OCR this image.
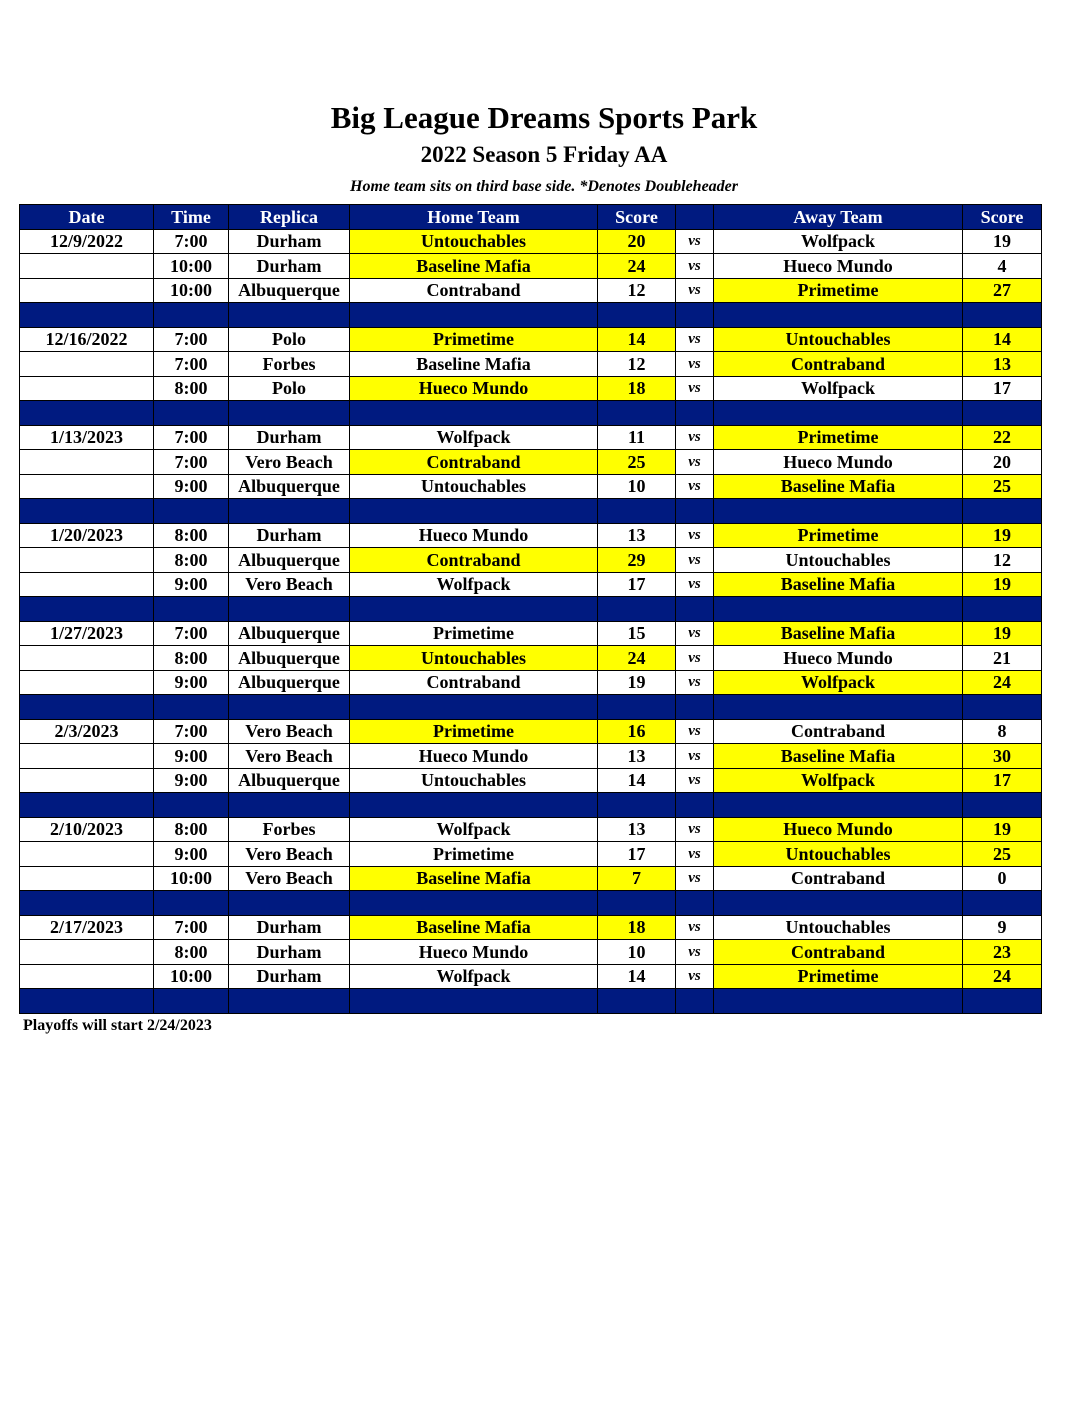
Big League Dreams Sports Park
2022 Season 5 Friday AA
Home team sits on third base side. *Denotes Doubleheader
Date	Time	Replica	Home Team	Score		Away Team	Score
12/9/2022	7:00	Durham	Untouchables	20	vs	Wolfpack	19
	10:00	Durham	Baseline Mafia	24	vs	Hueco Mundo	4
	10:00	Albuquerque	Contraband	12	vs	Primetime	27

12/16/2022	7:00	Polo	Primetime	14	vs	Untouchables	14
	7:00	Forbes	Baseline Mafia	12	vs	Contraband	13
	8:00	Polo	Hueco Mundo	18	vs	Wolfpack	17

1/13/2023	7:00	Durham	Wolfpack	11	vs	Primetime	22
	7:00	Vero Beach	Contraband	25	vs	Hueco Mundo	20
	9:00	Albuquerque	Untouchables	10	vs	Baseline Mafia	25

1/20/2023	8:00	Durham	Hueco Mundo	13	vs	Primetime	19
	8:00	Albuquerque	Contraband	29	vs	Untouchables	12
	9:00	Vero Beach	Wolfpack	17	vs	Baseline Mafia	19

1/27/2023	7:00	Albuquerque	Primetime	15	vs	Baseline Mafia	19
	8:00	Albuquerque	Untouchables	24	vs	Hueco Mundo	21
	9:00	Albuquerque	Contraband	19	vs	Wolfpack	24

2/3/2023	7:00	Vero Beach	Primetime	16	vs	Contraband	8
	9:00	Vero Beach	Hueco Mundo	13	vs	Baseline Mafia	30
	9:00	Albuquerque	Untouchables	14	vs	Wolfpack	17

2/10/2023	8:00	Forbes	Wolfpack	13	vs	Hueco Mundo	19
	9:00	Vero Beach	Primetime	17	vs	Untouchables	25
	10:00	Vero Beach	Baseline Mafia	7	vs	Contraband	0

2/17/2023	7:00	Durham	Baseline Mafia	18	vs	Untouchables	9
	8:00	Durham	Hueco Mundo	10	vs	Contraband	23
	10:00	Durham	Wolfpack	14	vs	Primetime	24

Playoffs will start 2/24/2023
